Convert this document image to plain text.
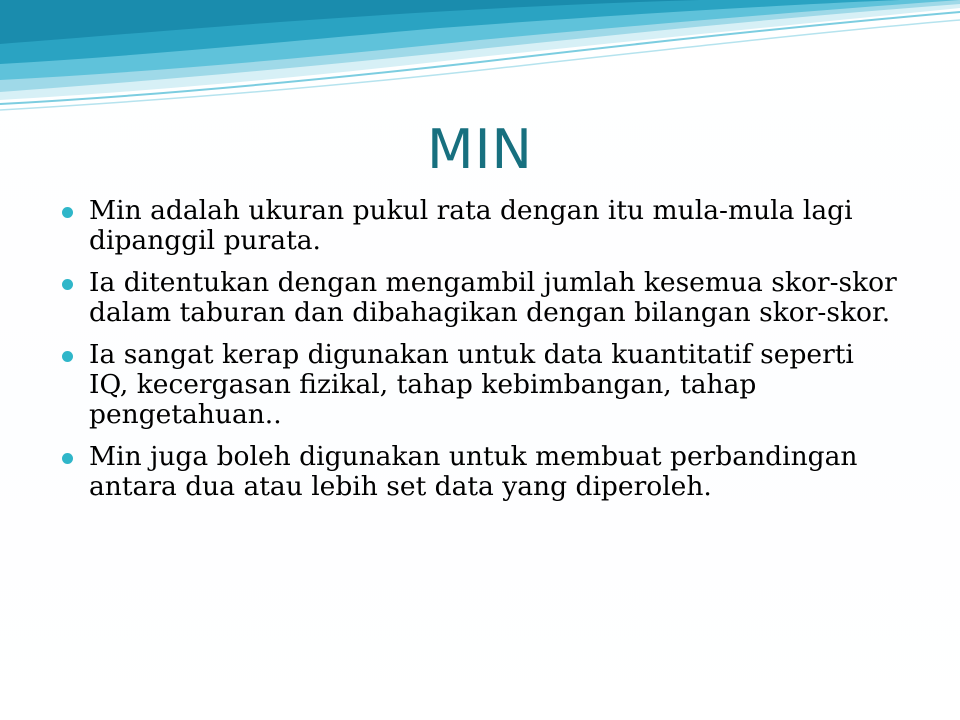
MIN
Min adalah ukuran pukul rata dengan itu mula-mula lagi dipanggil purata.
Ia ditentukan dengan mengambil jumlah kesemua skor-skor dalam taburan dan dibahagikan dengan bilangan skor-skor.
Ia sangat kerap digunakan untuk data kuantitatif seperti IQ, kecergasan fizikal, tahap kebimbangan, tahap pengetahuan..
Min juga boleh digunakan untuk membuat perbandingan antara dua atau lebih set data yang diperoleh.
